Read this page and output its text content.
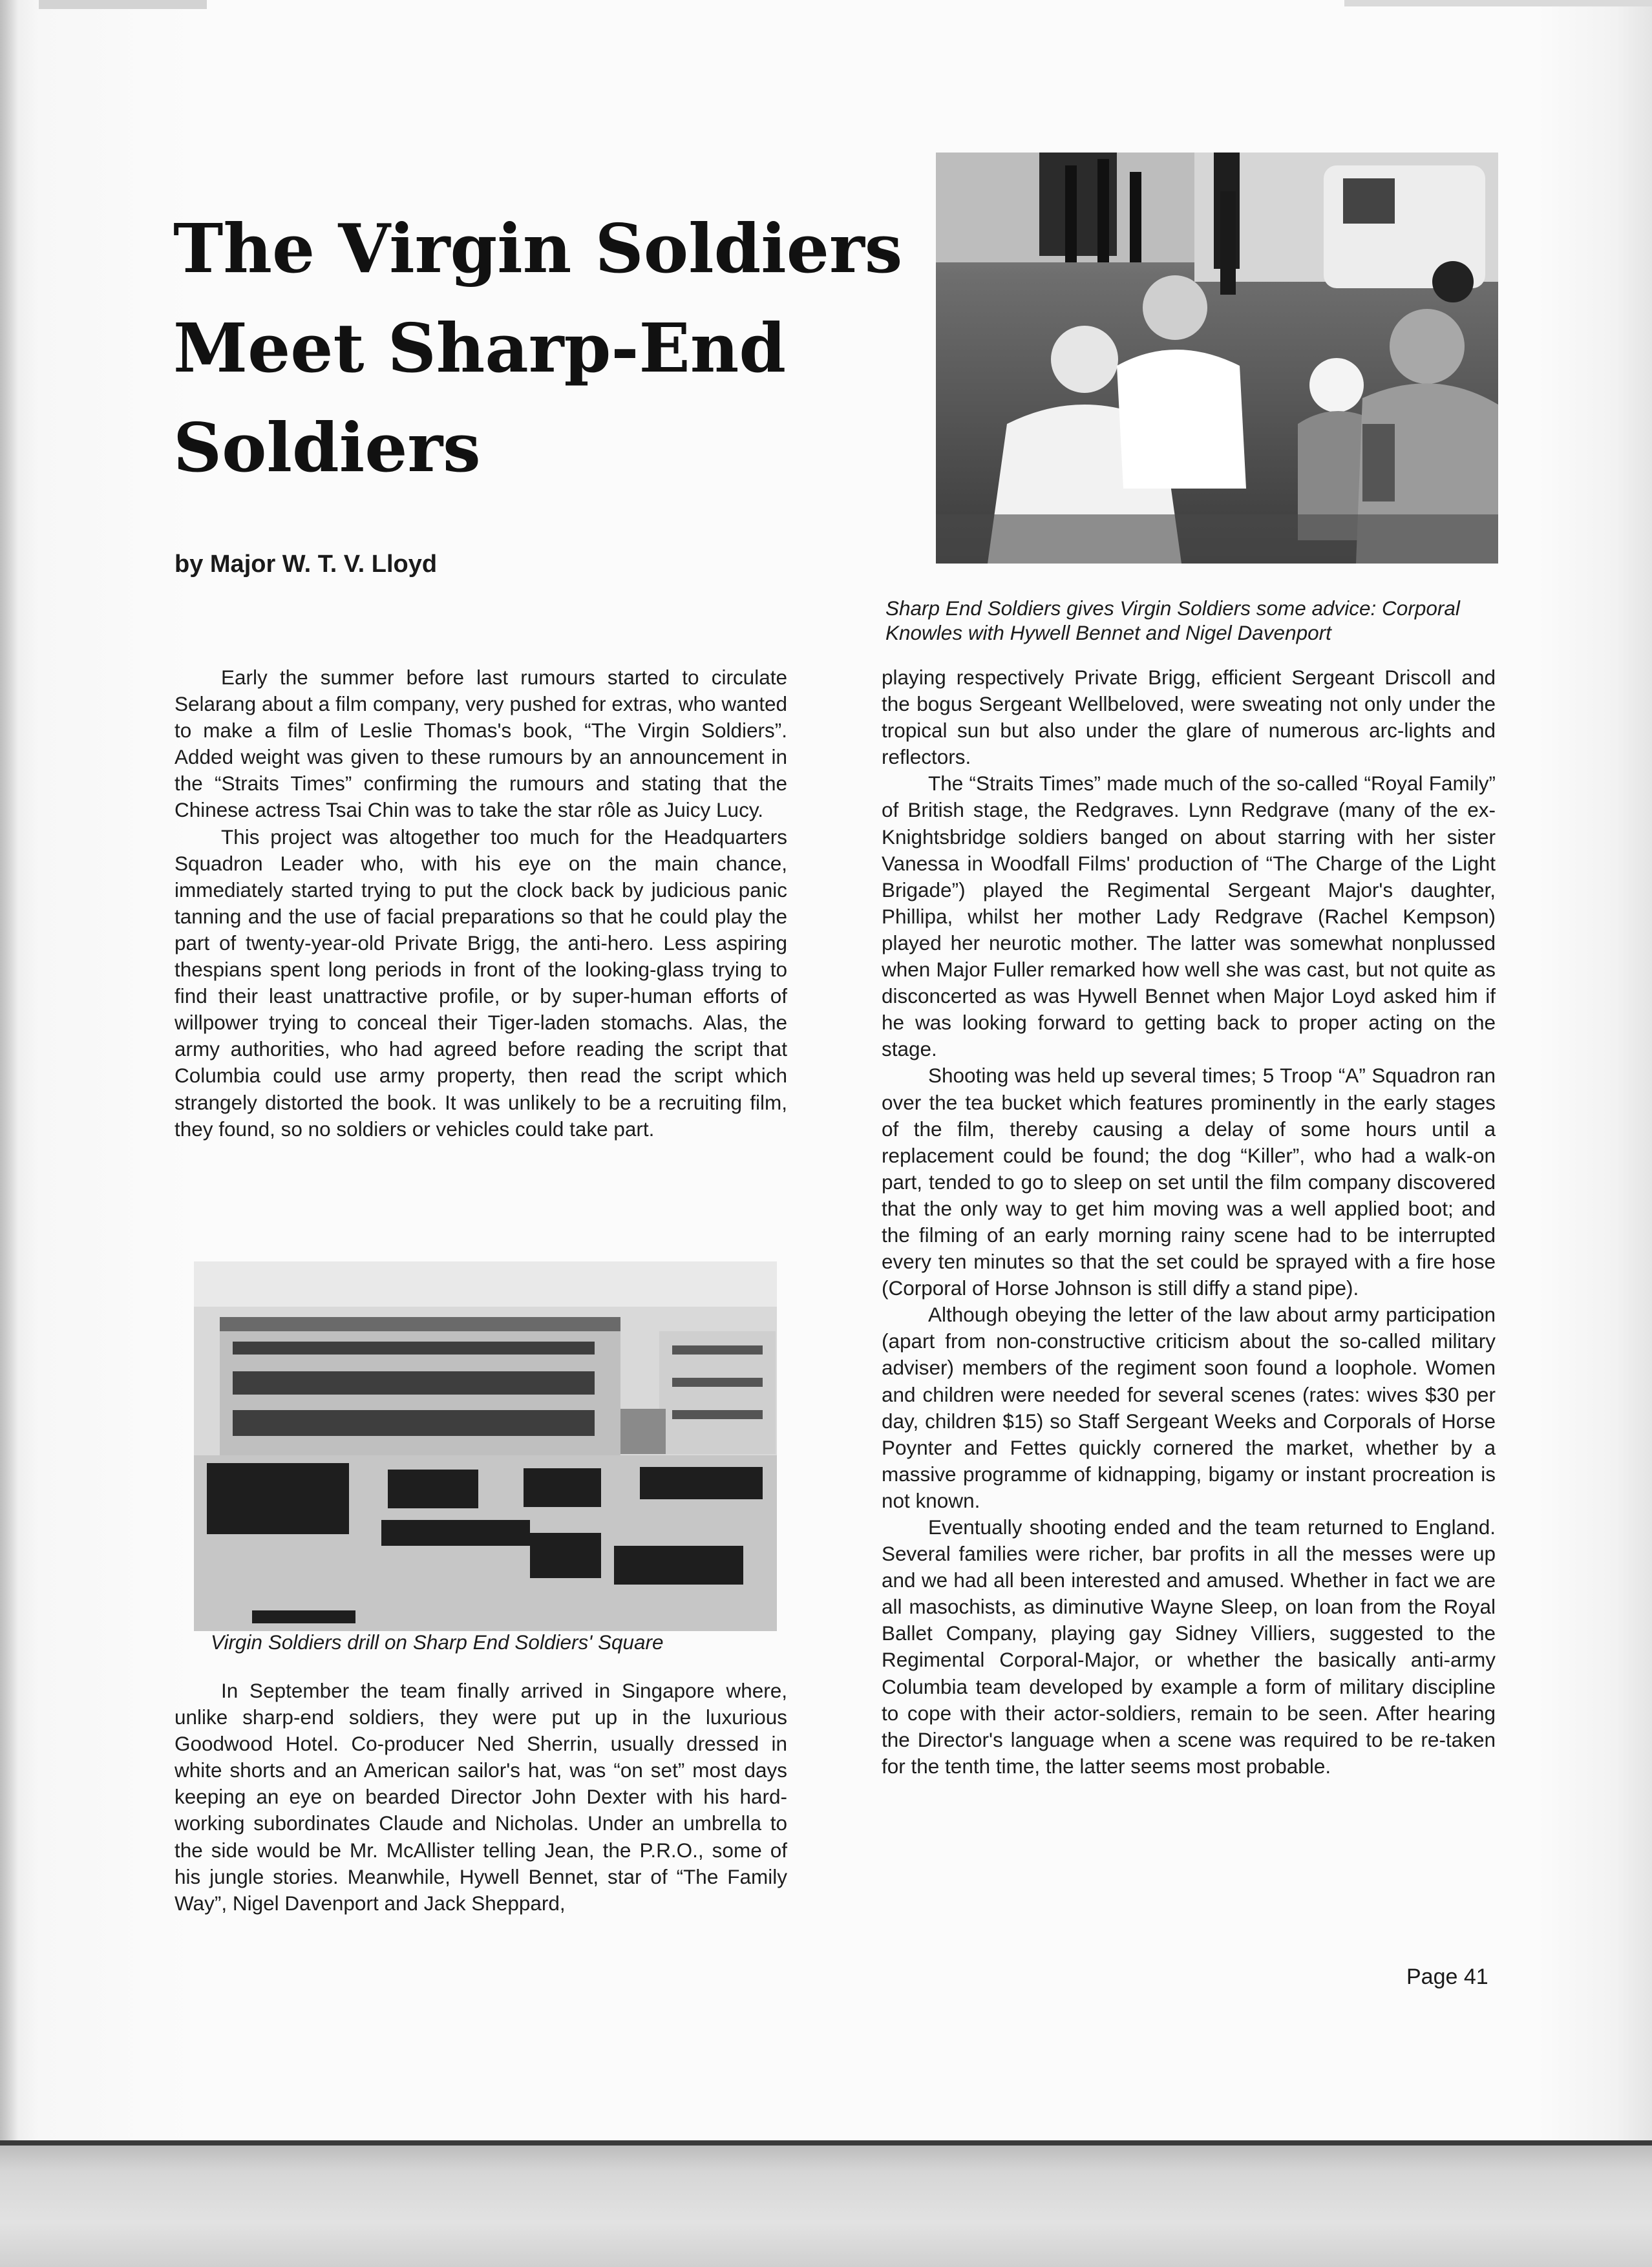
The Virgin Soldiers Meet Sharp-End Soldiers

by Major W. T. V. Lloyd

Sharp End Soldiers gives Virgin Soldiers some advice: Corporal Knowles with Hywell Bennet and Nigel Davenport

Early the summer before last rumours started to circulate Selarang about a film company, very pushed for extras, who wanted to make a film of Leslie Thomas's book, “The Virgin Soldiers”. Added weight was given to these rumours by an announcement in the “Straits Times” confirming the rumours and stating that the Chinese actress Tsai Chin was to take the star rôle as Juicy Lucy.

This project was altogether too much for the Headquarters Squadron Leader who, with his eye on the main chance, immediately started trying to put the clock back by judicious panic tanning and the use of facial preparations so that he could play the part of twenty-year-old Private Brigg, the anti-hero. Less aspiring thespians spent long periods in front of the looking-glass trying to find their least unattractive profile, or by super-human efforts of willpower trying to conceal their Tiger-laden stomachs. Alas, the army authorities, who had agreed before reading the script that Columbia could use army property, then read the script which strangely distorted the book. It was unlikely to be a recruiting film, they found, so no soldiers or vehicles could take part.

Virgin Soldiers drill on Sharp End Soldiers' Square

In September the team finally arrived in Singapore where, unlike sharp-end soldiers, they were put up in the luxurious Goodwood Hotel. Co-producer Ned Sherrin, usually dressed in white shorts and an American sailor's hat, was “on set” most days keeping an eye on bearded Director John Dexter with his hard-working subordinates Claude and Nicholas. Under an umbrella to the side would be Mr. McAllister telling Jean, the P.R.O., some of his jungle stories. Meanwhile, Hywell Bennet, star of “The Family Way”, Nigel Davenport and Jack Sheppard,

playing respectively Private Brigg, efficient Sergeant Driscoll and the bogus Sergeant Wellbeloved, were sweating not only under the tropical sun but also under the glare of numerous arc-lights and reflectors.

The “Straits Times” made much of the so-called “Royal Family” of British stage, the Redgraves. Lynn Redgrave (many of the ex-Knightsbridge soldiers banged on about starring with her sister Vanessa in Woodfall Films' production of “The Charge of the Light Brigade”) played the Regimental Sergeant Major's daughter, Phillipa, whilst her mother Lady Redgrave (Rachel Kempson) played her neurotic mother. The latter was somewhat nonplussed when Major Fuller remarked how well she was cast, but not quite as disconcerted as was Hywell Bennet when Major Loyd asked him if he was looking forward to getting back to proper acting on the stage.

Shooting was held up several times; 5 Troop “A” Squadron ran over the tea bucket which features prominently in the early stages of the film, thereby causing a delay of some hours until a replacement could be found; the dog “Killer”, who had a walk-on part, tended to go to sleep on set until the film company discovered that the only way to get him moving was a well applied boot; and the filming of an early morning rainy scene had to be interrupted every ten minutes so that the set could be sprayed with a fire hose (Corporal of Horse Johnson is still diffy a stand pipe).

Although obeying the letter of the law about army participation (apart from non-constructive criticism about the so-called military adviser) members of the regiment soon found a loophole. Women and children were needed for several scenes (rates: wives $30 per day, children $15) so Staff Sergeant Weeks and Corporals of Horse Poynter and Fettes quickly cornered the market, whether by a massive programme of kidnapping, bigamy or instant procreation is not known.

Eventually shooting ended and the team returned to England. Several families were richer, bar profits in all the messes were up and we had all been interested and amused. Whether in fact we are all masochists, as diminutive Wayne Sleep, on loan from the Royal Ballet Company, playing gay Sidney Villiers, suggested to the Regimental Corporal-Major, or whether the basically anti-army Columbia team developed by example a form of military discipline to cope with their actor-soldiers, remain to be seen. After hearing the Director's language when a scene was required to be re-taken for the tenth time, the latter seems most probable.

Page 41
